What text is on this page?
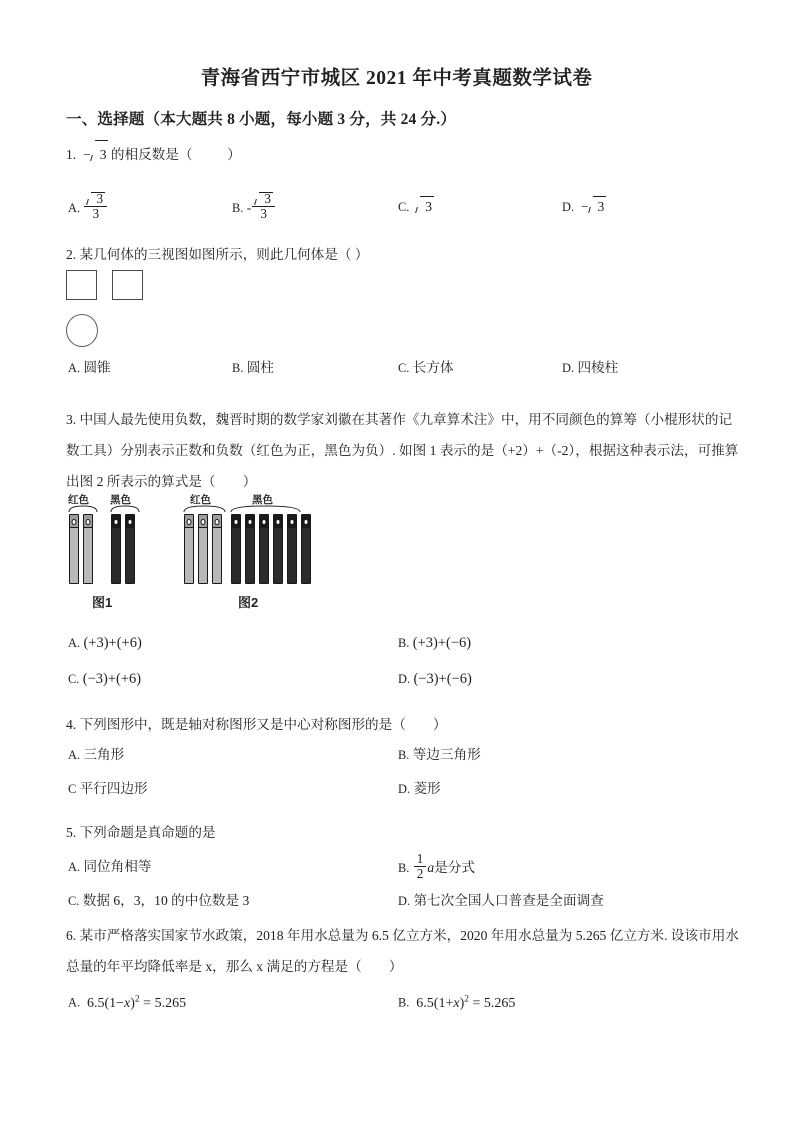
青海省西宁市城区 2021 年中考真题数学试卷
一、选择题（本大题共 8 小题，每小题 3 分，共 24 分.）
1.  − 3 的相反数是（	）
A. $\frac{3}{3}$	B. - $\frac{3}{3}$	C. 3	D.  − 3
2. 某几何体的三视图如图所示，则此几何体是（ ）
A. 圆锥	B. 圆柱	C. 长方体	D. 四棱柱
3. 中国人最先使用负数，魏晋时期的数学家刘徽在其著作《九章算术注》中，用不同颜色的算筹（小棍形状的记数工具）分别表示正数和负数（红色为正，黑色为负）. 如图 1 表示的是（+2）+（-2），根据这种表示法，可推算出图 2 所表示的算式是（　　）
红色 黑色
图1
红色	黑色
图2
A. (+3)+(+6)	B. (+3)+(−6)
C. (−3)+(+6)	D. (−3)+(−6)
4. 下列图形中，既是轴对称图形又是中心对称图形的是（　　）
A. 三角形	B. 等边三角形
C 平行四边形	D. 菱形
5. 下列命题是真命题的是
A. 同位角相等	B. $\frac{1}{2}$ a是分式
C. 数据 6，3，10 的中位数是 3	D. 第七次全国人口普查是全面调查
6. 某市严格落实国家节水政策，2018 年用水总量为 6.5 亿立方米，2020 年用水总量为 5.265 亿立方米. 设该市用水总量的年平均降低率是 x，那么 x 满足的方程是（　　）
A. $6.5(1-x)^2 = 5.265$	B. $6.5(1+x)^2 = 5.265$
